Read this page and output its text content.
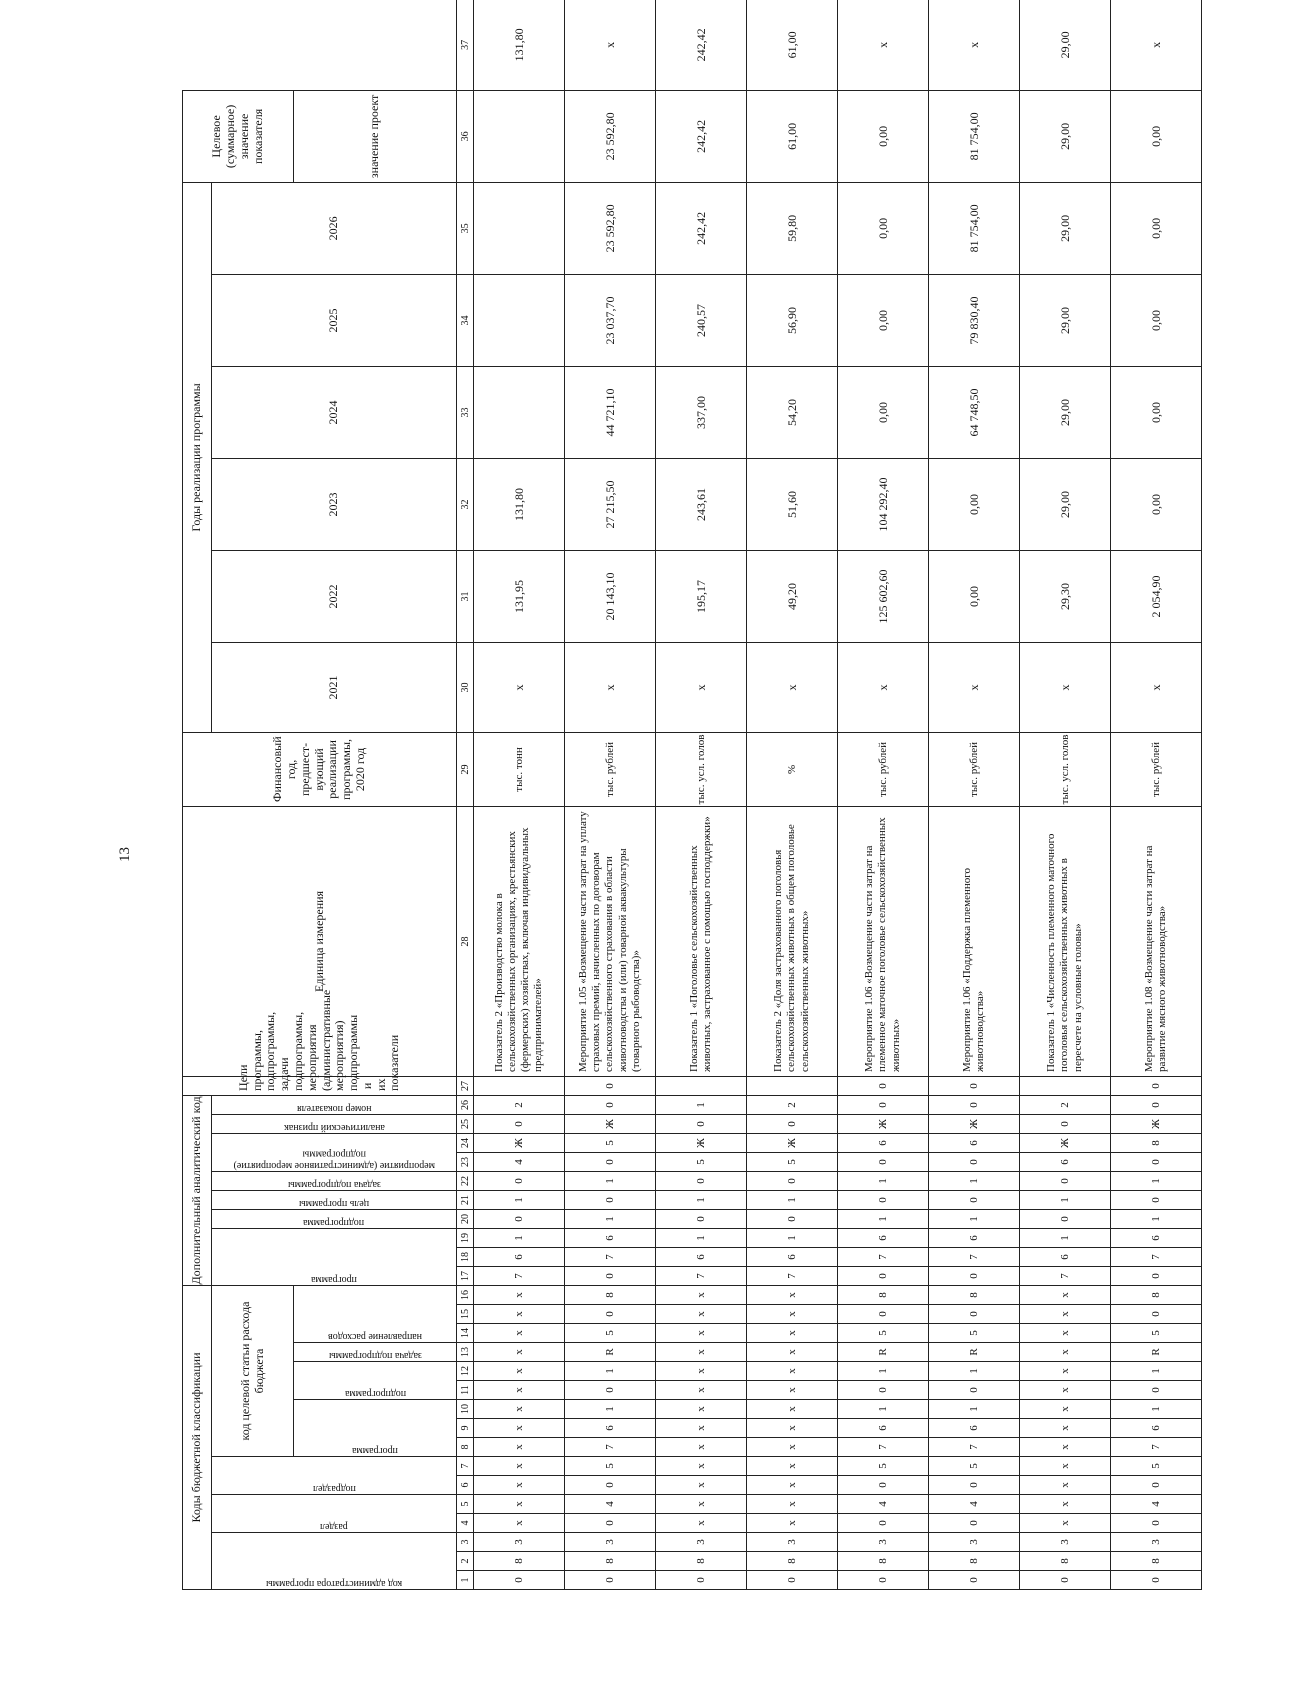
13
Коды бюджетной классификации																Дополнительный аналитический код										Цели программы, подпрограммы, задачи подпрограммы, мероприятия (административные мероприятия) подпрограммы и их показатели	Единица измерения	Финансовый год, предшест-вующий реализации программы, 2020 год	Годы реализации программы						Целевое (суммарное) значение показателя	

код администратора программы			раздел		подраздел		код целевой статьи расхода бюджета									программа			подпрограмма	цель программы	задача подпрограммы	мероприятие (административное мероприятие) подпрограммы		аналитический признак	номер показателя				2021	2022	2023	2024	2025	2026		

							программа			подпрограмма		задача подпрограммы	направление расходов																						значение проект	
1	2	3	4	5	6	7	8	9	10	11	12	13	14	15	16	17	18	19	20	21	22	23	24	25	26	27	28	29	30	31	32	33	34	35	36	37
0	8	3	х	х	х	х	х	х	х	х	х	х	х	х	х	7	6	1	0	1	0	4	Ж	0	2		Показатель 2 «Производство молока в сельскохозяйственных организациях, крестьянских (фермерских) хозяйствах, включая индивидуальных предпринимателей»	тыс. тонн	х	131,95	131,80					131,80
0	8	3	0	4	0	5	7	6	1	0	1	R	5	0	8	0	7	6	1	0	1	0	5	Ж	0	0	Мероприятие 1.05 «Возмещение части затрат на уплату страховых премий, начисленных по договорам сельскохозяйственного страхования в области животноводства и (или) товарной аквакультуры (товарного рыбоводства)»	тыс. рублей	х	20 143,10	27 215,50	44 721,10	23 037,70	23 592,80	23 592,80	х
0	8	3	х	х	х	х	х	х	х	х	х	х	х	х	х	7	6	1	0	1	0	5	Ж	0	1		Показатель 1 «Поголовье сельскохозяйственных животных, застрахованное с помощью господдержки»	тыс. усл. голов	х	195,17	243,61	337,00	240,57	242,42	242,42	242,42
0	8	3	х	х	х	х	х	х	х	х	х	х	х	х	х	7	6	1	0	1	0	5	Ж	0	2		Показатель 2 «Доля застрахованного поголовья сельскохозяйственных животных в общем поголовье сельскохозяйственных животных»	%	х	49,20	51,60	54,20	56,90	59,80	61,00	61,00
0	8	3	0	4	0	5	7	6	1	0	1	R	5	0	8	0	7	6	1	0	1	0	6	Ж	0	0	Мероприятие 1.06 «Возмещение части затрат на племенное маточное поголовье сельскохозяйственных животных»	тыс. рублей	х	125 602,60	104 292,40	0,00	0,00	0,00	0,00	х
0	8	3	0	4	0	5	7	6	1	0	1	R	5	0	8	0	7	6	1	0	1	0	6	Ж	0	0	Мероприятие 1.06 «Поддержка племенного животноводства»	тыс. рублей	х	0,00	0,00	64 748,50	79 830,40	81 754,00	81 754,00	х
0	8	3	х	х	х	х	х	х	х	х	х	х	х	х	х	7	6	1	0	1	0	6	Ж	0	2		Показатель 1 «Численность племенного маточного поголовья сельскохозяйственных животных в пересчете на условные головы»	тыс. усл. голов	х	29,30	29,00	29,00	29,00	29,00	29,00	29,00
0	8	3	0	4	0	5	7	6	1	0	1	R	5	0	8	0	7	6	1	0	1	0	8	Ж	0	0	Мероприятие 1.08 «Возмещение части затрат на развитие мясного животноводства»	тыс. рублей	х	2 054,90	0,00	0,00	0,00	0,00	0,00	х
